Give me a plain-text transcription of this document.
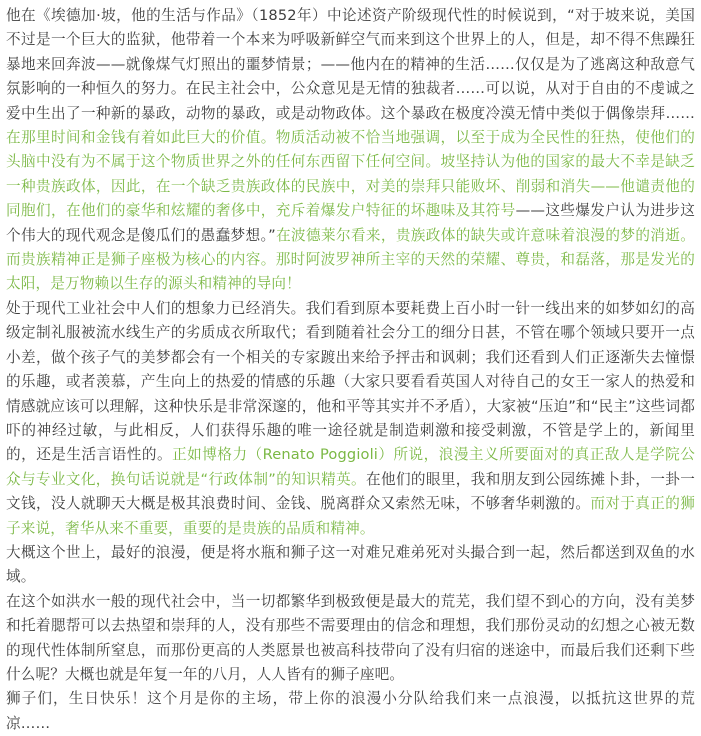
他在《埃德加·坡，他的生活与作品》（1852年）中论述资产阶级现代性的时候说到，“对于坡来说，美国不过是一个巨大的监狱，他带着一个本来为呼吸新鲜空气而来到这个世界上的人，但是，却不得不焦躁狂暴地来回奔波——就像煤气灯照出的噩梦情景；——他内在的精神的生活……仅仅是为了逃离这种敌意气氛影响的一种恒久的努力。在民主社会中，公众意见是无情的独裁者……可以说，从对于自由的不虔诚之爱中生出了一种新的暴政，动物的暴政，或是动物政体。这个暴政在极度冷漠无情中类似于偶像崇拜……在那里时间和金钱有着如此巨大的价值。物质活动被不恰当地强调，以至于成为全民性的狂热，使他们的头脑中没有为不属于这个物质世界之外的任何东西留下任何空间。坡坚持认为他的国家的最大不幸是缺乏一种贵族政体，因此，在一个缺乏贵族政体的民族中，对美的崇拜只能败坏、削弱和消失——他谴责他的同胞们，在他们的豪华和炫耀的奢侈中，充斥着爆发户特征的坏趣味及其符号——这些爆发户认为进步这个伟大的现代观念是傻瓜们的愚蠢梦想。”在波德莱尔看来，贵族政体的缺失或许意味着浪漫的梦的消逝。而贵族精神正是狮子座极为核心的内容。那时阿波罗神所主宰的天然的荣耀、尊贵，和磊落，那是发光的太阳，是万物赖以生存的源头和精神的导向！

处于现代工业社会中人们的想象力已经消失。我们看到原本要耗费上百小时一针一线出来的如梦如幻的高级定制礼服被流水线生产的劣质成衣所取代；看到随着社会分工的细分日甚，不管在哪个领域只要开一点小差，做个孩子气的美梦都会有一个相关的专家踱出来给予抨击和讽刺；我们还看到人们正逐渐失去憧憬的乐趣，或者羡慕，产生向上的热爱的情感的乐趣（大家只要看看英国人对待自己的女王一家人的热爱和情感就应该可以理解，这种快乐是非常深邃的，他和平等其实并不矛盾），大家被“压迫”和“民主”这些词都吓的神经过敏，与此相反，人们获得乐趣的唯一途径就是制造刺激和接受刺激，不管是学上的，新闻里的，还是生活言语性的。正如博格力（Renato Poggioli）所说，浪漫主义所要面对的真正敌人是学院公众与专业文化，换句话说就是“行政体制”的知识精英。在他们的眼里，我和朋友到公园练摊卜卦，一卦一文钱，没人就聊天大概是极其浪费时间、金钱、脱离群众又索然无味，不够奢华刺激的。而对于真正的狮子来说，奢华从来不重要，重要的是贵族的品质和精神。

大概这个世上，最好的浪漫，便是将水瓶和狮子这一对难兄难弟死对头撮合到一起，然后都送到双鱼的水域。

在这个如洪水一般的现代社会中，当一切都繁华到极致便是最大的荒芜，我们望不到心的方向，没有美梦和托着腮帮可以去热望和崇拜的人，没有那些不需要理由的信念和理想，我们那份灵动的幻想之心被无数的现代性体制所窒息，而那份更高的人类愿景也被高科技带向了没有归宿的迷途中，而最后我们还剩下些什么呢？大概也就是年复一年的八月，人人皆有的狮子座吧。

狮子们，生日快乐！这个月是你的主场，带上你的浪漫小分队给我们来一点浪漫，以抵抗这世界的荒凉……
